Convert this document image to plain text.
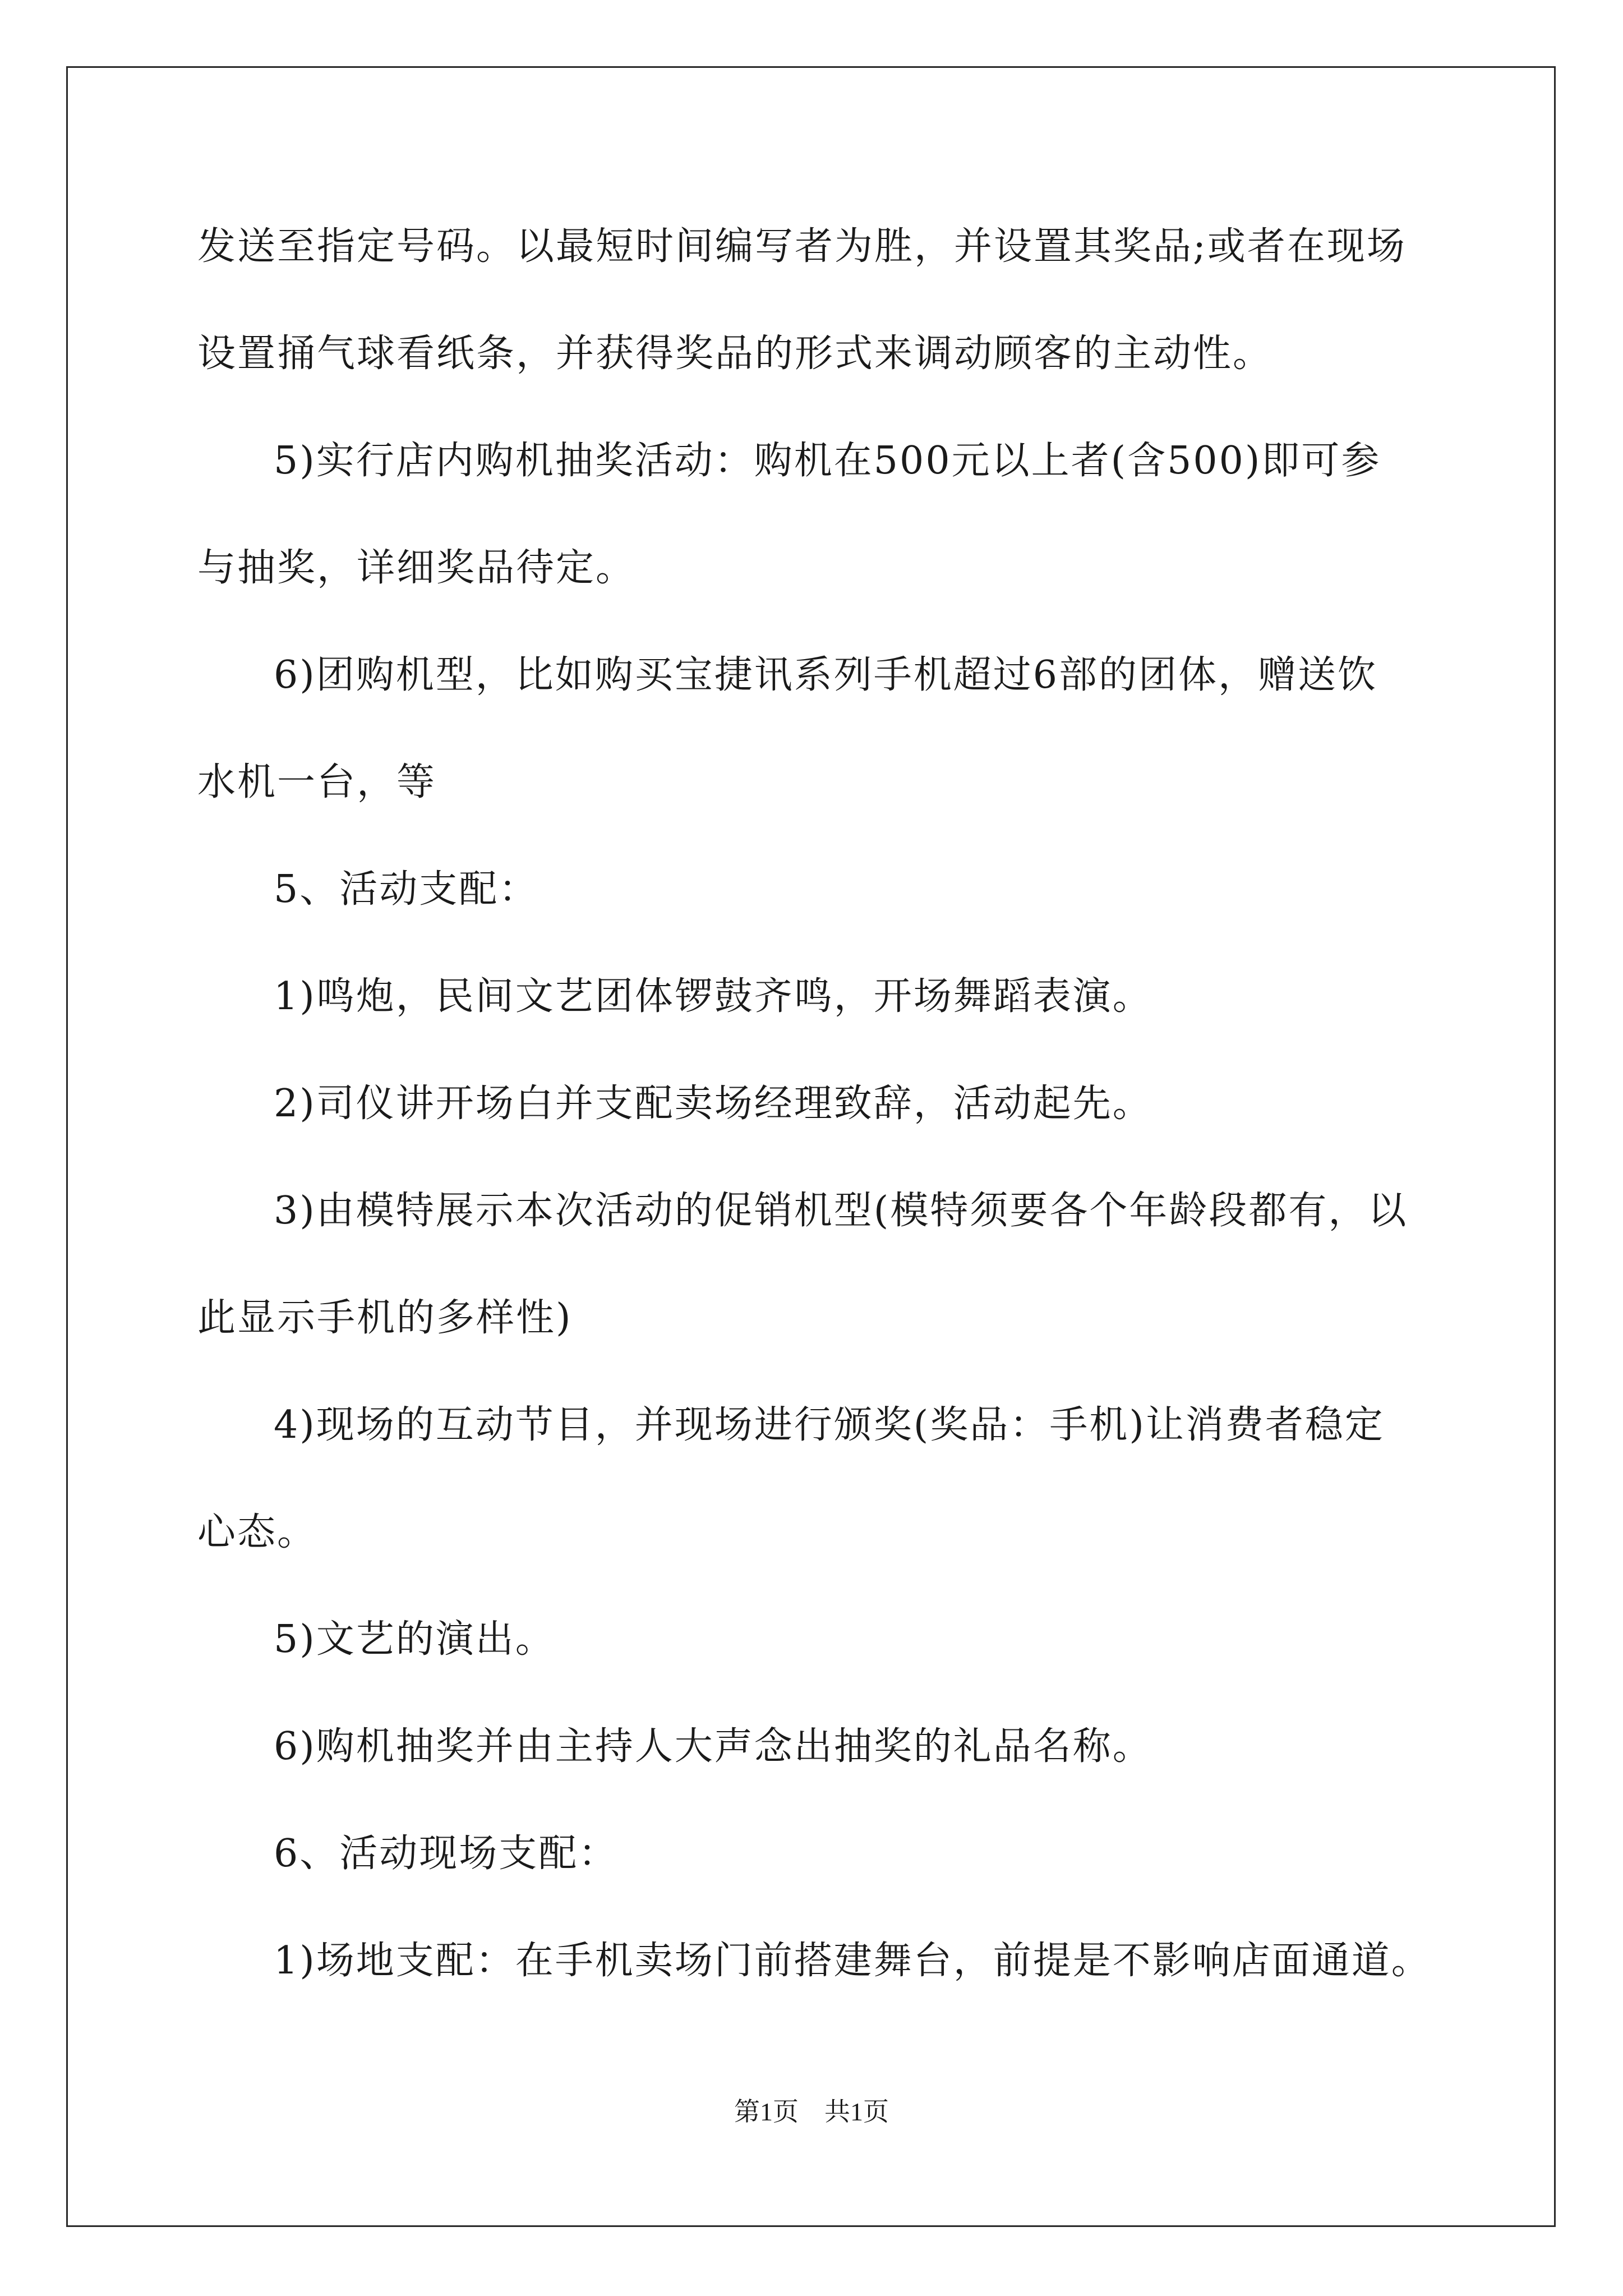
发送至指定号码。以最短时间编写者为胜，并设置其奖品;或者在现场
设置捅气球看纸条，并获得奖品的形式来调动顾客的主动性。
5)实行店内购机抽奖活动：购机在500元以上者(含500)即可参
与抽奖，详细奖品待定。
6)团购机型，比如购买宝捷讯系列手机超过6部的团体，赠送饮
水机一台，等
5、活动支配：
1)鸣炮，民间文艺团体锣鼓齐鸣，开场舞蹈表演。
2)司仪讲开场白并支配卖场经理致辞，活动起先。
3)由模特展示本次活动的促销机型(模特须要各个年龄段都有，以
此显示手机的多样性)
4)现场的互动节目，并现场进行颁奖(奖品：手机)让消费者稳定
心态。
5)文艺的演出。
6)购机抽奖并由主持人大声念出抽奖的礼品名称。
6、活动现场支配：
1)场地支配：在手机卖场门前搭建舞台，前提是不影响店面通道。
第1页 共1页
